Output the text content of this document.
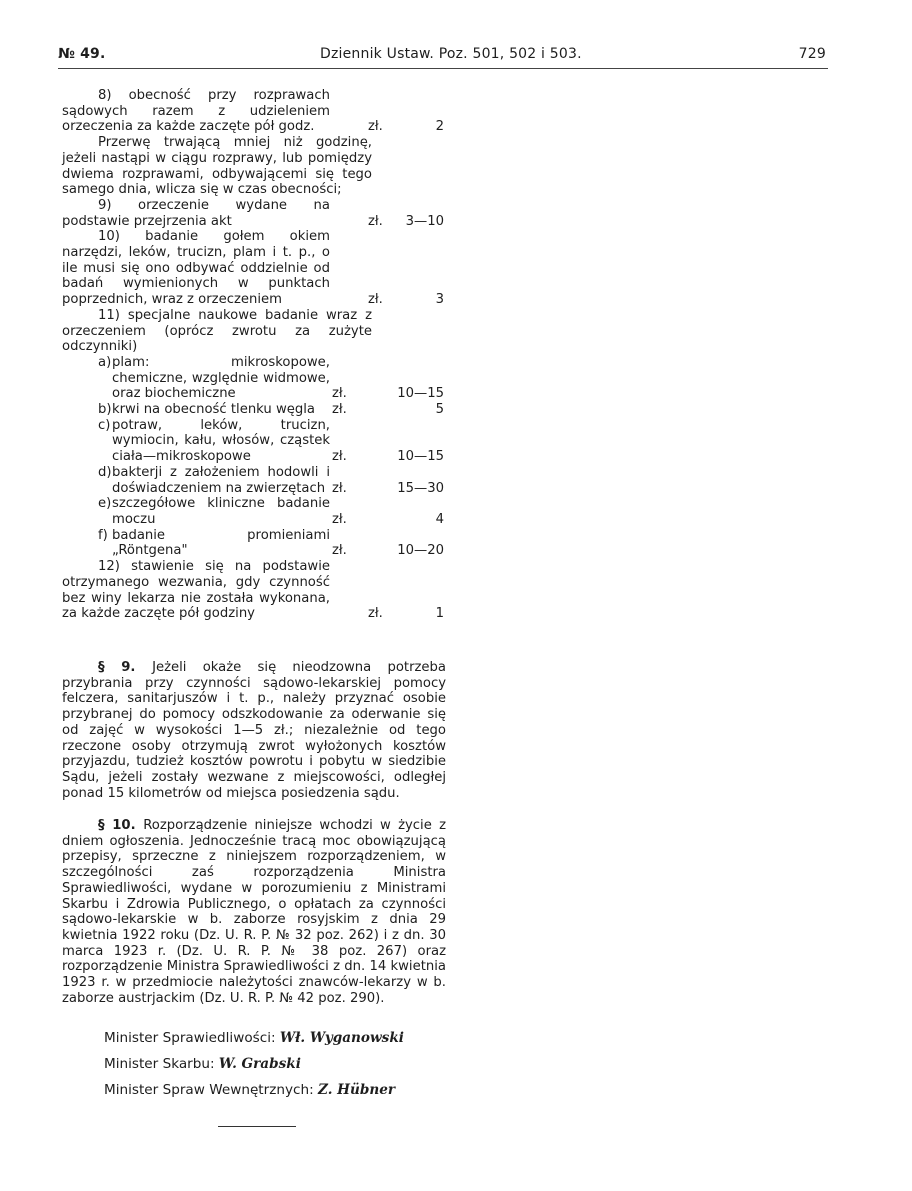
№ 49.	Dziennik Ustaw. Poz. 501, 502 i 503.	729
8) obecność przy rozprawach sądowych razem z udzieleniem orzeczenia za każde zaczęte pół godz.	zł.	2
Przerwę trwającą mniej niż godzinę, jeżeli nastąpi w ciągu rozprawy, lub pomiędzy dwiema rozprawami, odbywającemi się tego samego dnia, wlicza się w czas obecności;
9) orzeczenie wydane na podstawie przejrzenia akt	zł.	3—10
10) badanie gołem okiem narzędzi, leków, trucizn, plam i t. p., o ile musi się ono odbywać oddzielnie od badań wymienionych w punktach poprzednich, wraz z orzeczeniem	zł.	3
11) specjalne naukowe badanie wraz z orzeczeniem (oprócz zwrotu za zużyte odczynniki)
a) plam: mikroskopowe, chemiczne, względnie widmowe, oraz biochemiczne	zł.	10—15
b) krwi na obecność tlenku węgla zł.	5
c) potraw, leków, trucizn, wymiocin, kału, włosów, cząstek ciała—mikroskopowe	zł.	10—15
d) bakterji z założeniem hodowli i doświadczeniem na zwierzętach zł.	15—30
e) szczegółowe kliniczne badanie moczu	zł.	4
f) badanie promieniami „Röntgena"	zł.	10—20
12) stawienie się na podstawie otrzymanego wezwania, gdy czynność bez winy lekarza nie została wykonana, za każde zaczęte pół godziny	zł.	1
§ 9. Jeżeli okaże się nieodzowna potrzeba przybrania przy czynności sądowo-lekarskiej pomocy felczera, sanitarjuszów i t. p., należy przyznać osobie przybranej do pomocy odszkodowanie za oderwanie się od zajęć w wysokości 1—5 zł.; niezależnie od tego rzeczone osoby otrzymują zwrot wyłożonych kosztów przyjazdu, tudzież kosztów powrotu i pobytu w siedzibie Sądu, jeżeli zostały wezwane z miejscowości, odległej ponad 15 kilometrów od miejsca posiedzenia sądu.
§ 10. Rozporządzenie niniejsze wchodzi w życie z dniem ogłoszenia. Jednocześnie tracą moc obowiązującą przepisy, sprzeczne z niniejszem rozporządzeniem, w szczególności zaś rozporządzenia Ministra Sprawiedliwości, wydane w porozumieniu z Ministrami Skarbu i Zdrowia Publicznego, o opłatach za czynności sądowo-lekarskie w b. zaborze rosyjskim z dnia 29 kwietnia 1922 roku (Dz. U. R. P. № 32 poz. 262) i z dn. 30 marca 1923 r. (Dz. U. R. P. № 38 poz. 267) oraz rozporządzenie Ministra Sprawiedliwości z dn. 14 kwietnia 1923 r. w przedmiocie należytości znawców-lekarzy w b. zaborze austrjackim (Dz. U. R. P. № 42 poz. 290).
Minister Sprawiedliwości: Wł. Wyganowski
Minister Skarbu: W. Grabski
Minister Spraw Wewnętrznych: Z. Hübner
